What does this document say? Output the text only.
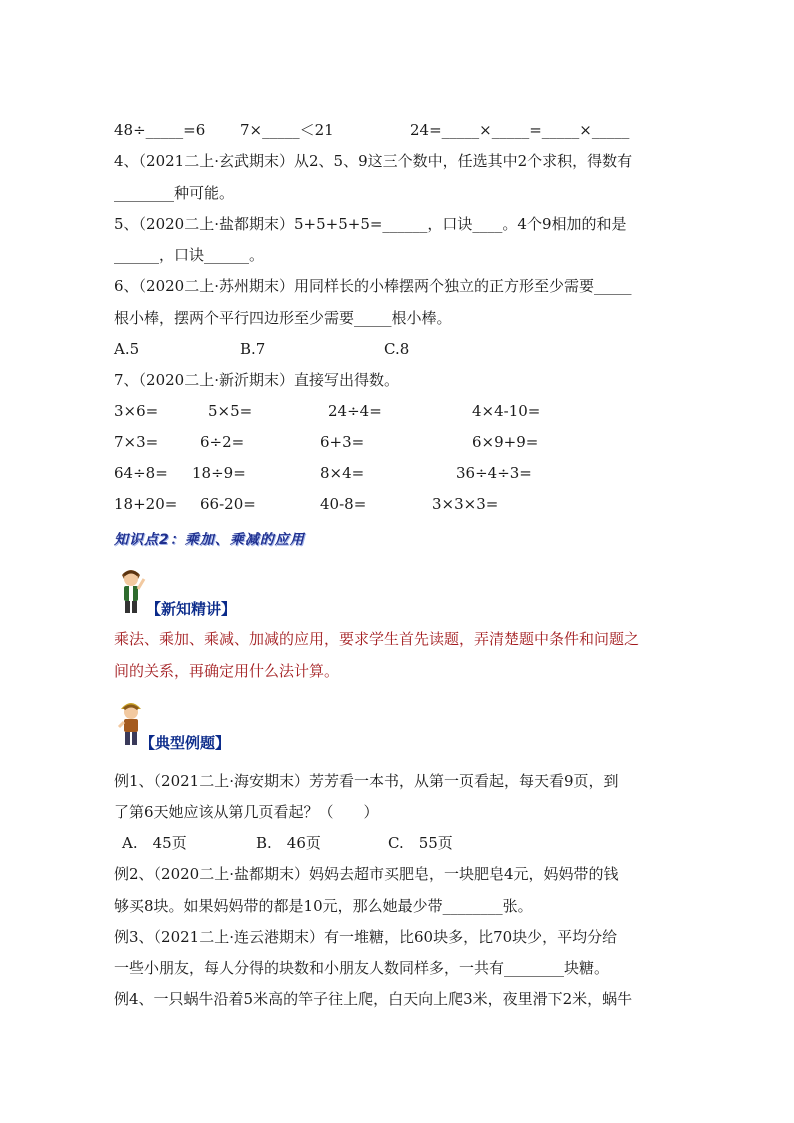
48÷_____=6 7×_____＜21	24=_____×_____=_____×_____
4、（2021二上·玄武期末）从2、5、9这三个数中，任选其中2个求积，得数有
________种可能。
5、（2020二上·盐都期末）5+5+5+5=______，口诀____。4个9相加的和是
______，口诀______。
6、（2020二上·苏州期末）用同样长的小棒摆两个独立的正方形至少需要_____
根小棒，摆两个平行四边形至少需要_____根小棒。
A.5	B.7	C.8
7、（2020二上·新沂期末）直接写出得数。
3×6=	5×5=	24÷4=	4×4-10=
7×3=	6÷2=	6+3=	6×9+9=
64÷8= 18÷9=	8×4=	36÷4÷3=
18+20= 66-20=	40-8=	3×3×3=
知识点2：乘加、乘减的应用
【新知精讲】
乘法、乘加、乘减、加减的应用，要求学生首先读题，弄清楚题中条件和问题之
间的关系，再确定用什么法计算。
【典型例题】
例1、（2021二上·海安期末）芳芳看一本书，从第一页看起，每天看9页，到
了第6天她应该从第几页看起？（　　）
A.　45页	B.　46页	C.　55页
例2、（2020二上·盐都期末）妈妈去超市买肥皂，一块肥皂4元，妈妈带的钱
够买8块。如果妈妈带的都是10元，那么她最少带________张。
例3、（2021二上·连云港期末）有一堆糖，比60块多，比70块少，平均分给
一些小朋友，每人分得的块数和小朋友人数同样多，一共有________块糖。
例4、一只蜗牛沿着5米高的竿子往上爬，白天向上爬3米，夜里滑下2米，蜗牛
